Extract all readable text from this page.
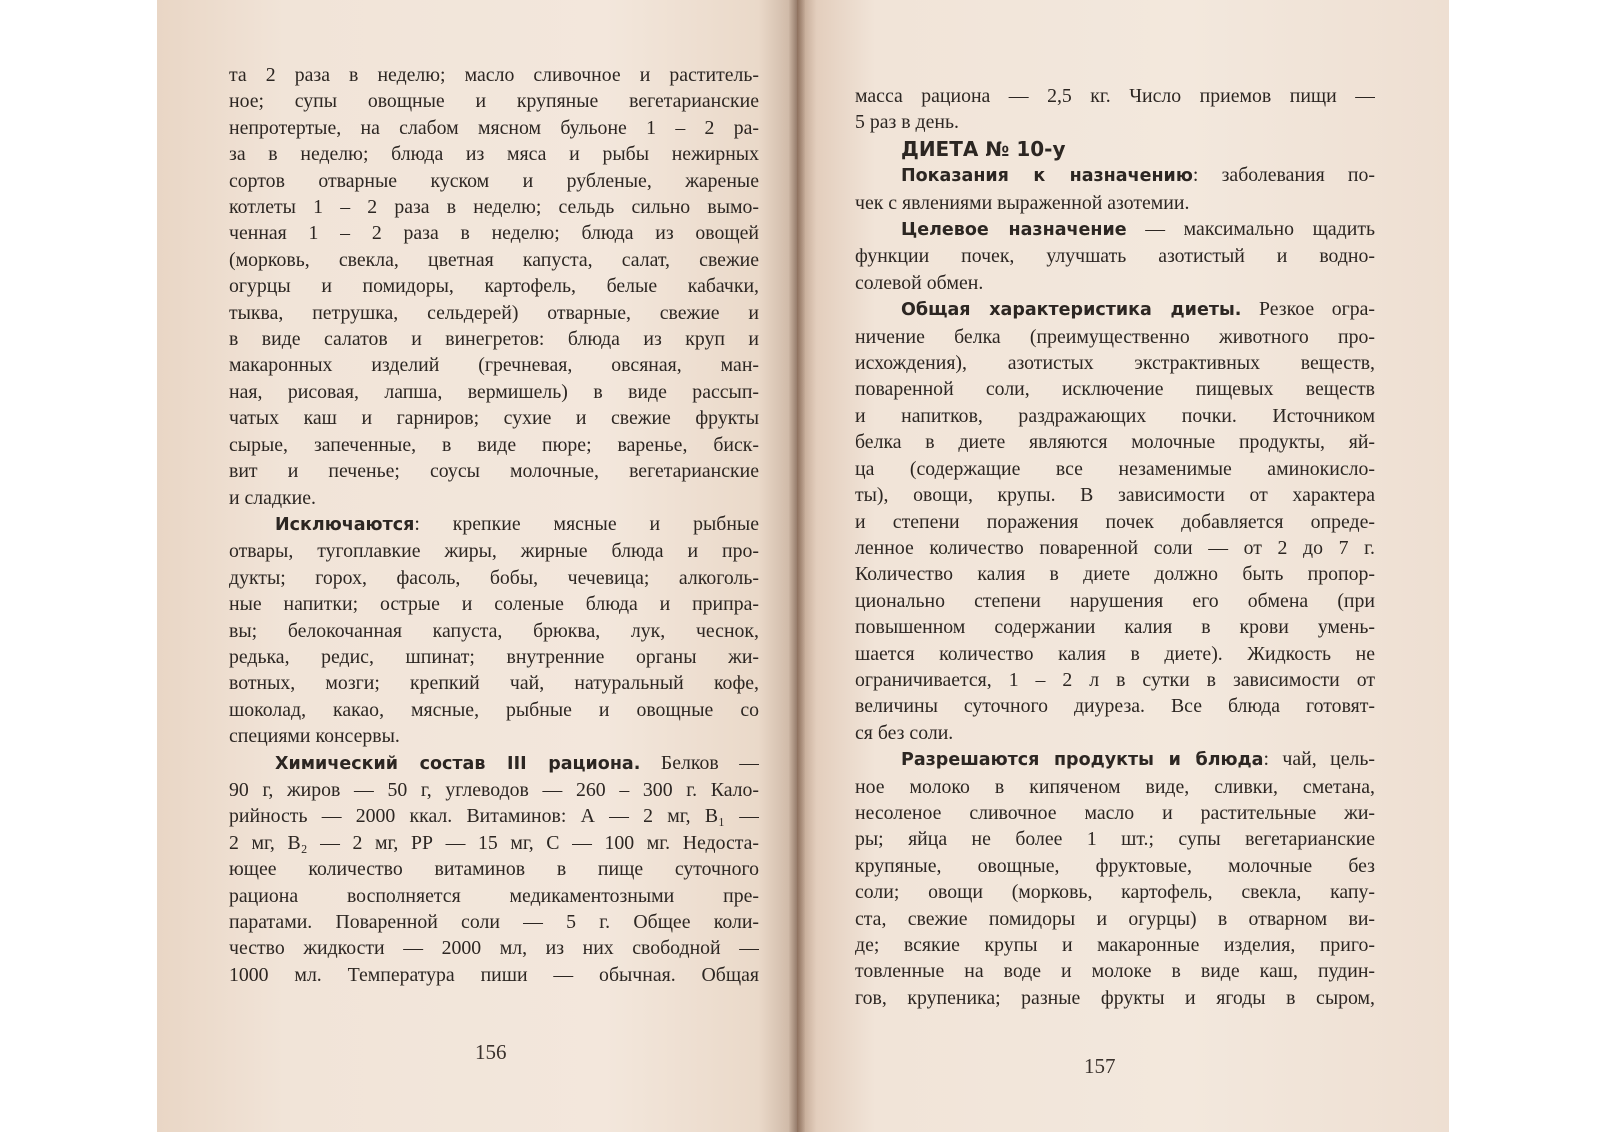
та 2 раза в неделю; масло сливочное и раститель-
ное; супы овощные и крупяные вегетарианские
непротертые, на слабом мясном бульоне 1 – 2 ра-
за в неделю; блюда из мяса и рыбы нежирных
сортов отварные куском и рубленые, жареные
котлеты 1 – 2 раза в неделю; сельдь сильно вымо-
ченная 1 – 2 раза в неделю; блюда из овощей
(морковь, свекла, цветная капуста, салат, свежие
огурцы и помидоры, картофель, белые кабачки,
тыква, петрушка, сельдерей) отварные, свежие и
в виде салатов и винегретов: блюда из круп и
макаронных изделий (гречневая, овсяная, ман-
ная, рисовая, лапша, вермишель) в виде рассып-
чатых каш и гарниров; сухие и свежие фрукты
сырые, запеченные, в виде пюре; варенье, биск-
вит и печенье; соусы молочные, вегетарианские
и сладкие.
Исключаются: крепкие мясные и рыбные
отвары, тугоплавкие жиры, жирные блюда и про-
дукты; горох, фасоль, бобы, чечевица; алкоголь-
ные напитки; острые и соленые блюда и припра-
вы; белокочанная капуста, брюква, лук, чеснок,
редька, редис, шпинат; внутренние органы жи-
вотных, мозги; крепкий чай, натуральный кофе,
шоколад, какао, мясные, рыбные и овощные со
специями консервы.
Химический состав III рациона. Белков —
90 г, жиров — 50 г, углеводов — 260 – 300 г. Кало-
рийность — 2000 ккал. Витаминов: А — 2 мг, В₁ —
2 мг, В₂ — 2 мг, РР — 15 мг, С — 100 мг. Недоста-
ющее количество витаминов в пище суточного
рациона восполняется медикаментозными пре-
паратами. Поваренной соли — 5 г. Общее коли-
чество жидкости — 2000 мл, из них свободной —
1000 мл. Температура пиши — обычная. Общая
156
масса рациона — 2,5 кг. Число приемов пищи —
5 раз в день.
ДИЕТА № 10-у
Показания к назначению: заболевания по-
чек с явлениями выраженной азотемии.
Целевое назначение — максимально щадить
функции почек, улучшать азотистый и водно-
солевой обмен.
Общая характеристика диеты. Резкое огра-
ничение белка (преимущественно животного про-
исхождения), азотистых экстрактивных веществ,
поваренной соли, исключение пищевых веществ
и напитков, раздражающих почки. Источником
белка в диете являются молочные продукты, яй-
ца (содержащие все незаменимые аминокисло-
ты), овощи, крупы. В зависимости от характера
и степени поражения почек добавляется опреде-
ленное количество поваренной соли — от 2 до 7 г.
Количество калия в диете должно быть пропор-
ционально степени нарушения его обмена (при
повышенном содержании калия в крови умень-
шается количество калия в диете). Жидкость не
ограничивается, 1 – 2 л в сутки в зависимости от
величины суточного диуреза. Все блюда готовят-
ся без соли.
Разрешаются продукты и блюда: чай, цель-
ное молоко в кипяченом виде, сливки, сметана,
несоленое сливочное масло и растительные жи-
ры; яйца не более 1 шт.; супы вегетарианские
крупяные, овощные, фруктовые, молочные без
соли; овощи (морковь, картофель, свекла, капу-
ста, свежие помидоры и огурцы) в отварном ви-
де; всякие крупы и макаронные изделия, приго-
товленные на воде и молоке в виде каш, пудин-
гов, крупеника; разные фрукты и ягоды в сыром,
157
